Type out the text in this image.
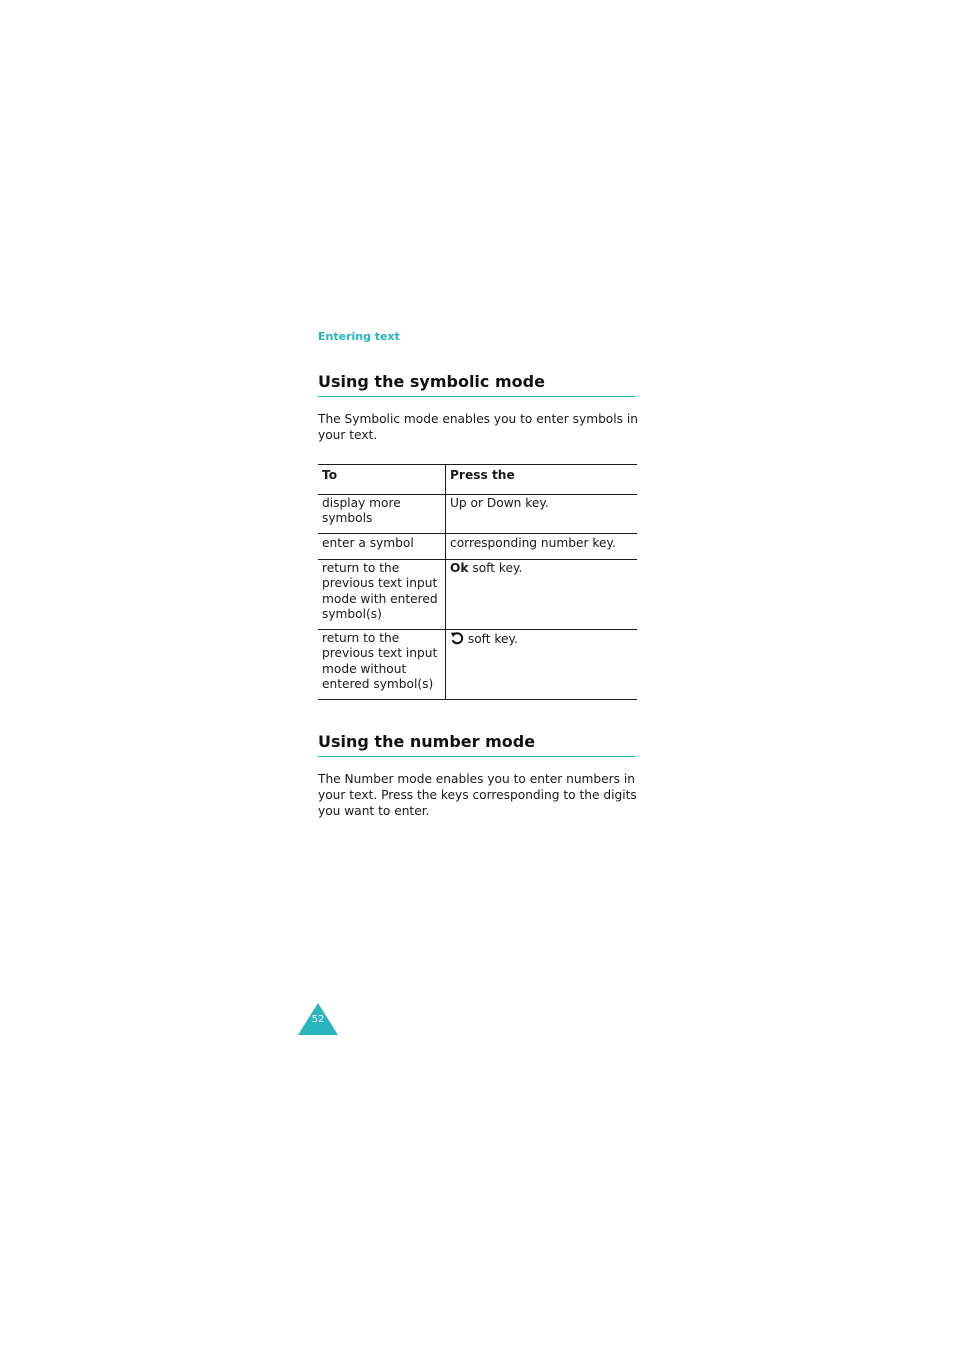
Entering text
Using the symbolic mode
The Symbolic mode enables you to enter symbols in your text.
To	Press the
display more symbols	Up or Down key.
enter a symbol	corresponding number key.
return to the previous text input mode with entered symbol(s)	Ok soft key.
return to the previous text input mode without entered symbol(s)	soft key.
Using the number mode
The Number mode enables you to enter numbers in your text. Press the keys corresponding to the digits you want to enter.
52
